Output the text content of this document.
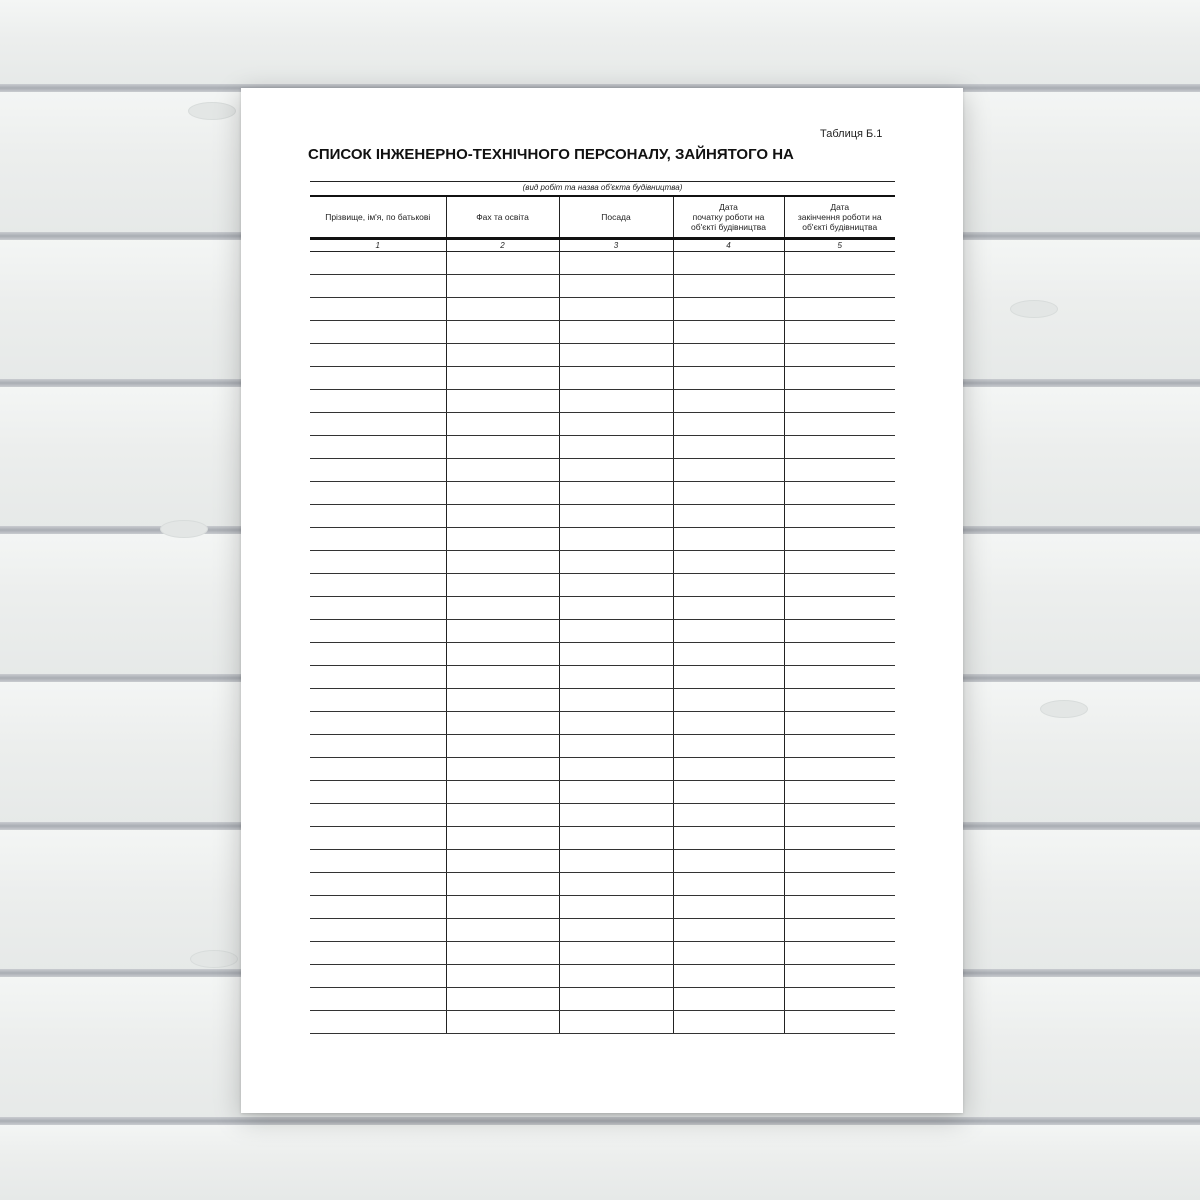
Таблиця Б.1
СПИСОК ІНЖЕНЕРНО-ТЕХНІЧНОГО ПЕРСОНАЛУ, ЗАЙНЯТОГО НА
(вид робіт та назва об'єкта будівництва)
Прізвище, ім'я, по батькові	Фах та освіта	Посада	Дата
початку роботи на
об'єкті будівництва	Дата
закінчення роботи на
об'єкті будівництва
1	2	3	4	5
